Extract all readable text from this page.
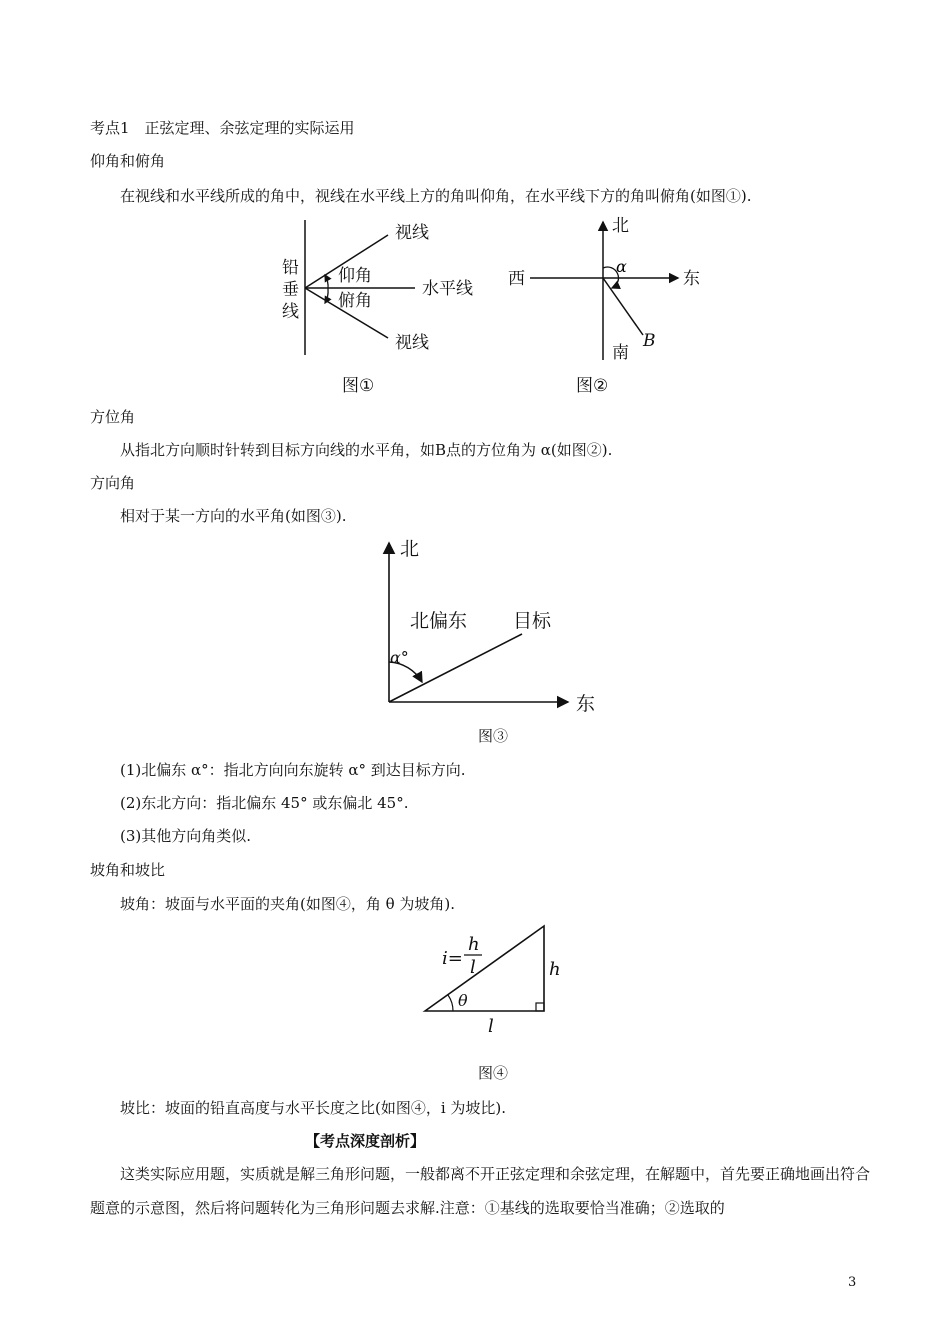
考点1　正弦定理、余弦定理的实际运用
仰角和俯角
在视线和水平线所成的角中，视线在水平线上方的角叫仰角，在水平线下方的角叫俯角(如图①).
视线
视线
仰角
俯角
水平线
铅
垂
线
图①
北
南
东
西
α
B
图②
方位角
从指北方向顺时针转到目标方向线的水平角，如B点的方位角为 α(如图②).
方向角
相对于某一方向的水平角(如图③).
北
东
北偏东 目标
α°
图③
(1)北偏东 α°：指北方向向东旋转 α° 到达目标方向.
(2)东北方向：指北偏东 45° 或东偏北 45°.
(3)其他方向角类似.
坡角和坡比
坡角：坡面与水平面的夹角(如图④，角 θ 为坡角).
i=
h
l	h
l
θ
图④
坡比：坡面的铅直高度与水平长度之比(如图④，i 为坡比).
【考点深度剖析】
这类实际应用题，实质就是解三角形问题，一般都离不开正弦定理和余弦定理，在解题中，首先要正确地画出符合题意的示意图，然后将问题转化为三角形问题去求解.注意：①基线的选取要恰当准确；②选取的
3
